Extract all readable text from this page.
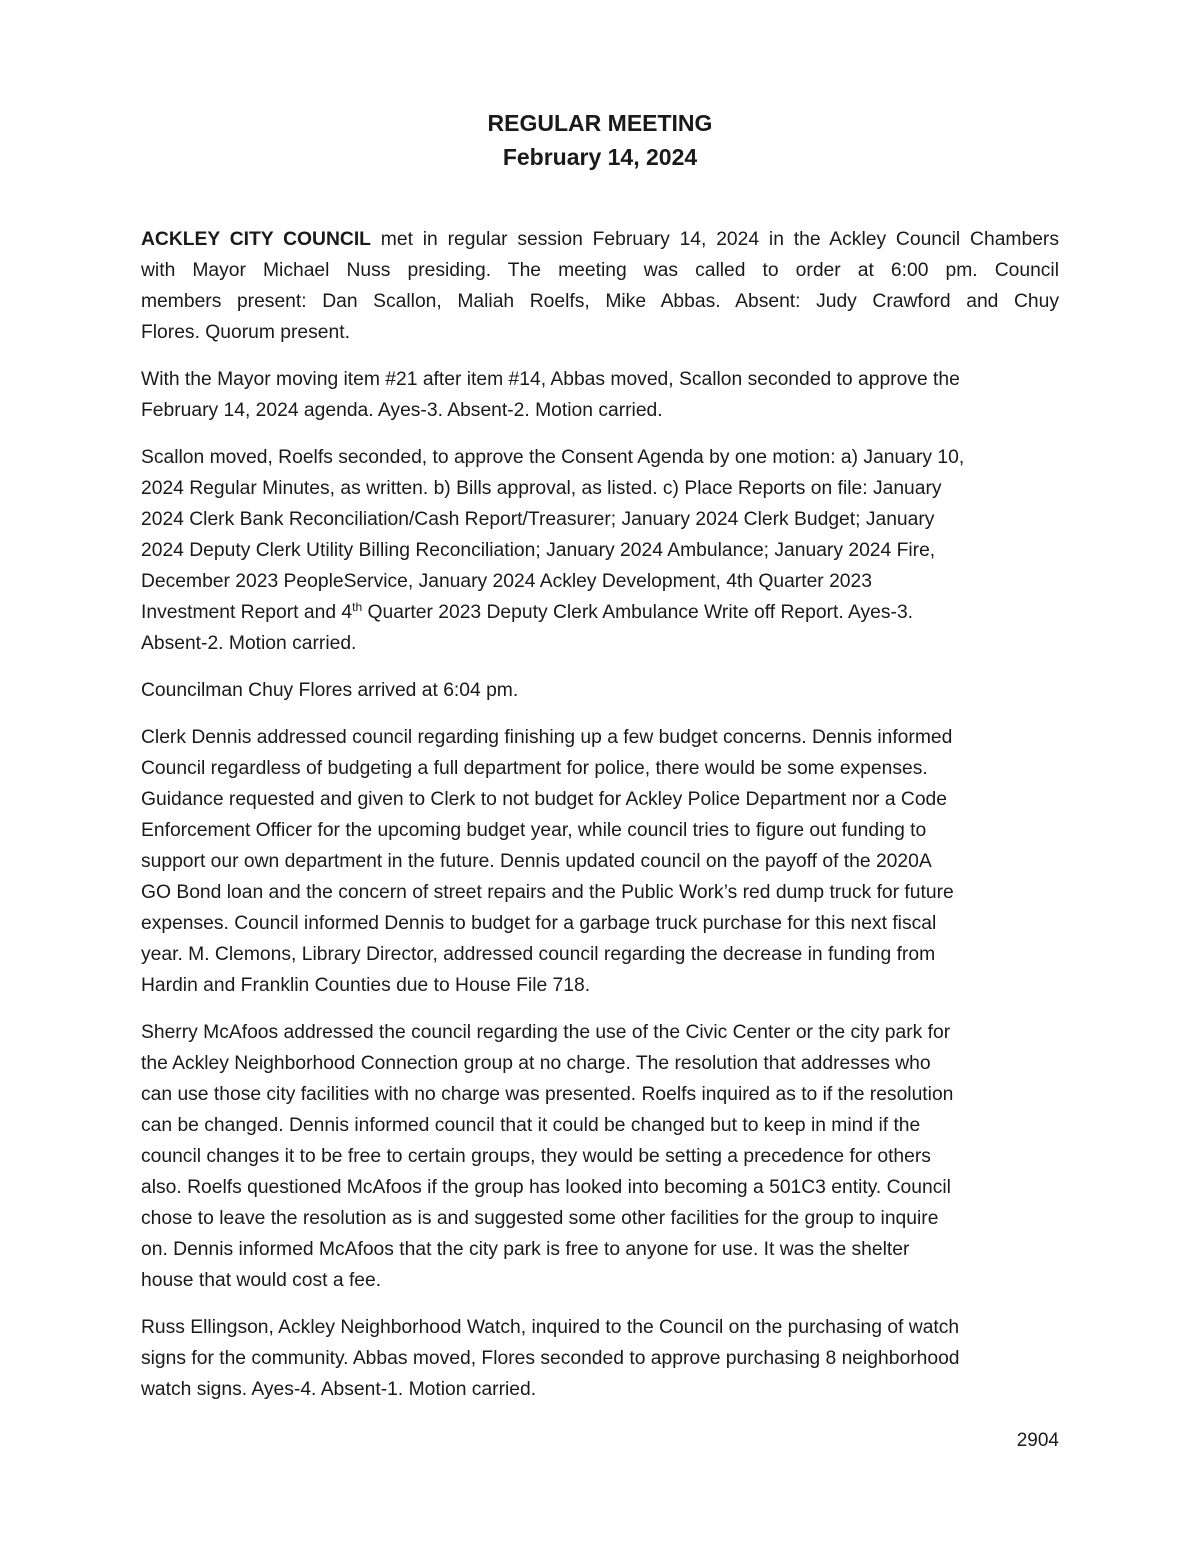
REGULAR MEETING
February 14, 2024
ACKLEY CITY COUNCIL met in regular session February 14, 2024 in the Ackley Council Chambers
with Mayor Michael Nuss presiding. The meeting was called to order at 6:00 pm. Council
members present: Dan Scallon, Maliah Roelfs, Mike Abbas. Absent: Judy Crawford and Chuy
Flores. Quorum present.
With the Mayor moving item #21 after item #14, Abbas moved, Scallon seconded to approve the
February 14, 2024 agenda. Ayes-3. Absent-2. Motion carried.
Scallon moved, Roelfs seconded, to approve the Consent Agenda by one motion: a) January 10,
2024 Regular Minutes, as written. b) Bills approval, as listed. c) Place Reports on file: January
2024 Clerk Bank Reconciliation/Cash Report/Treasurer; January 2024 Clerk Budget; January
2024 Deputy Clerk Utility Billing Reconciliation; January 2024 Ambulance; January 2024 Fire,
December 2023 PeopleService, January 2024 Ackley Development, 4th Quarter 2023
Investment Report and 4th Quarter 2023 Deputy Clerk Ambulance Write off Report. Ayes-3.
Absent-2. Motion carried.
Councilman Chuy Flores arrived at 6:04 pm.
Clerk Dennis addressed council regarding finishing up a few budget concerns. Dennis informed
Council regardless of budgeting a full department for police, there would be some expenses.
Guidance requested and given to Clerk to not budget for Ackley Police Department nor a Code
Enforcement Officer for the upcoming budget year, while council tries to figure out funding to
support our own department in the future. Dennis updated council on the payoff of the 2020A
GO Bond loan and the concern of street repairs and the Public Work’s red dump truck for future
expenses. Council informed Dennis to budget for a garbage truck purchase for this next fiscal
year. M. Clemons, Library Director, addressed council regarding the decrease in funding from
Hardin and Franklin Counties due to House File 718.
Sherry McAfoos addressed the council regarding the use of the Civic Center or the city park for
the Ackley Neighborhood Connection group at no charge. The resolution that addresses who
can use those city facilities with no charge was presented. Roelfs inquired as to if the resolution
can be changed. Dennis informed council that it could be changed but to keep in mind if the
council changes it to be free to certain groups, they would be setting a precedence for others
also. Roelfs questioned McAfoos if the group has looked into becoming a 501C3 entity. Council
chose to leave the resolution as is and suggested some other facilities for the group to inquire
on. Dennis informed McAfoos that the city park is free to anyone for use. It was the shelter
house that would cost a fee.
Russ Ellingson, Ackley Neighborhood Watch, inquired to the Council on the purchasing of watch
signs for the community. Abbas moved, Flores seconded to approve purchasing 8 neighborhood
watch signs. Ayes-4. Absent-1. Motion carried.
2904
